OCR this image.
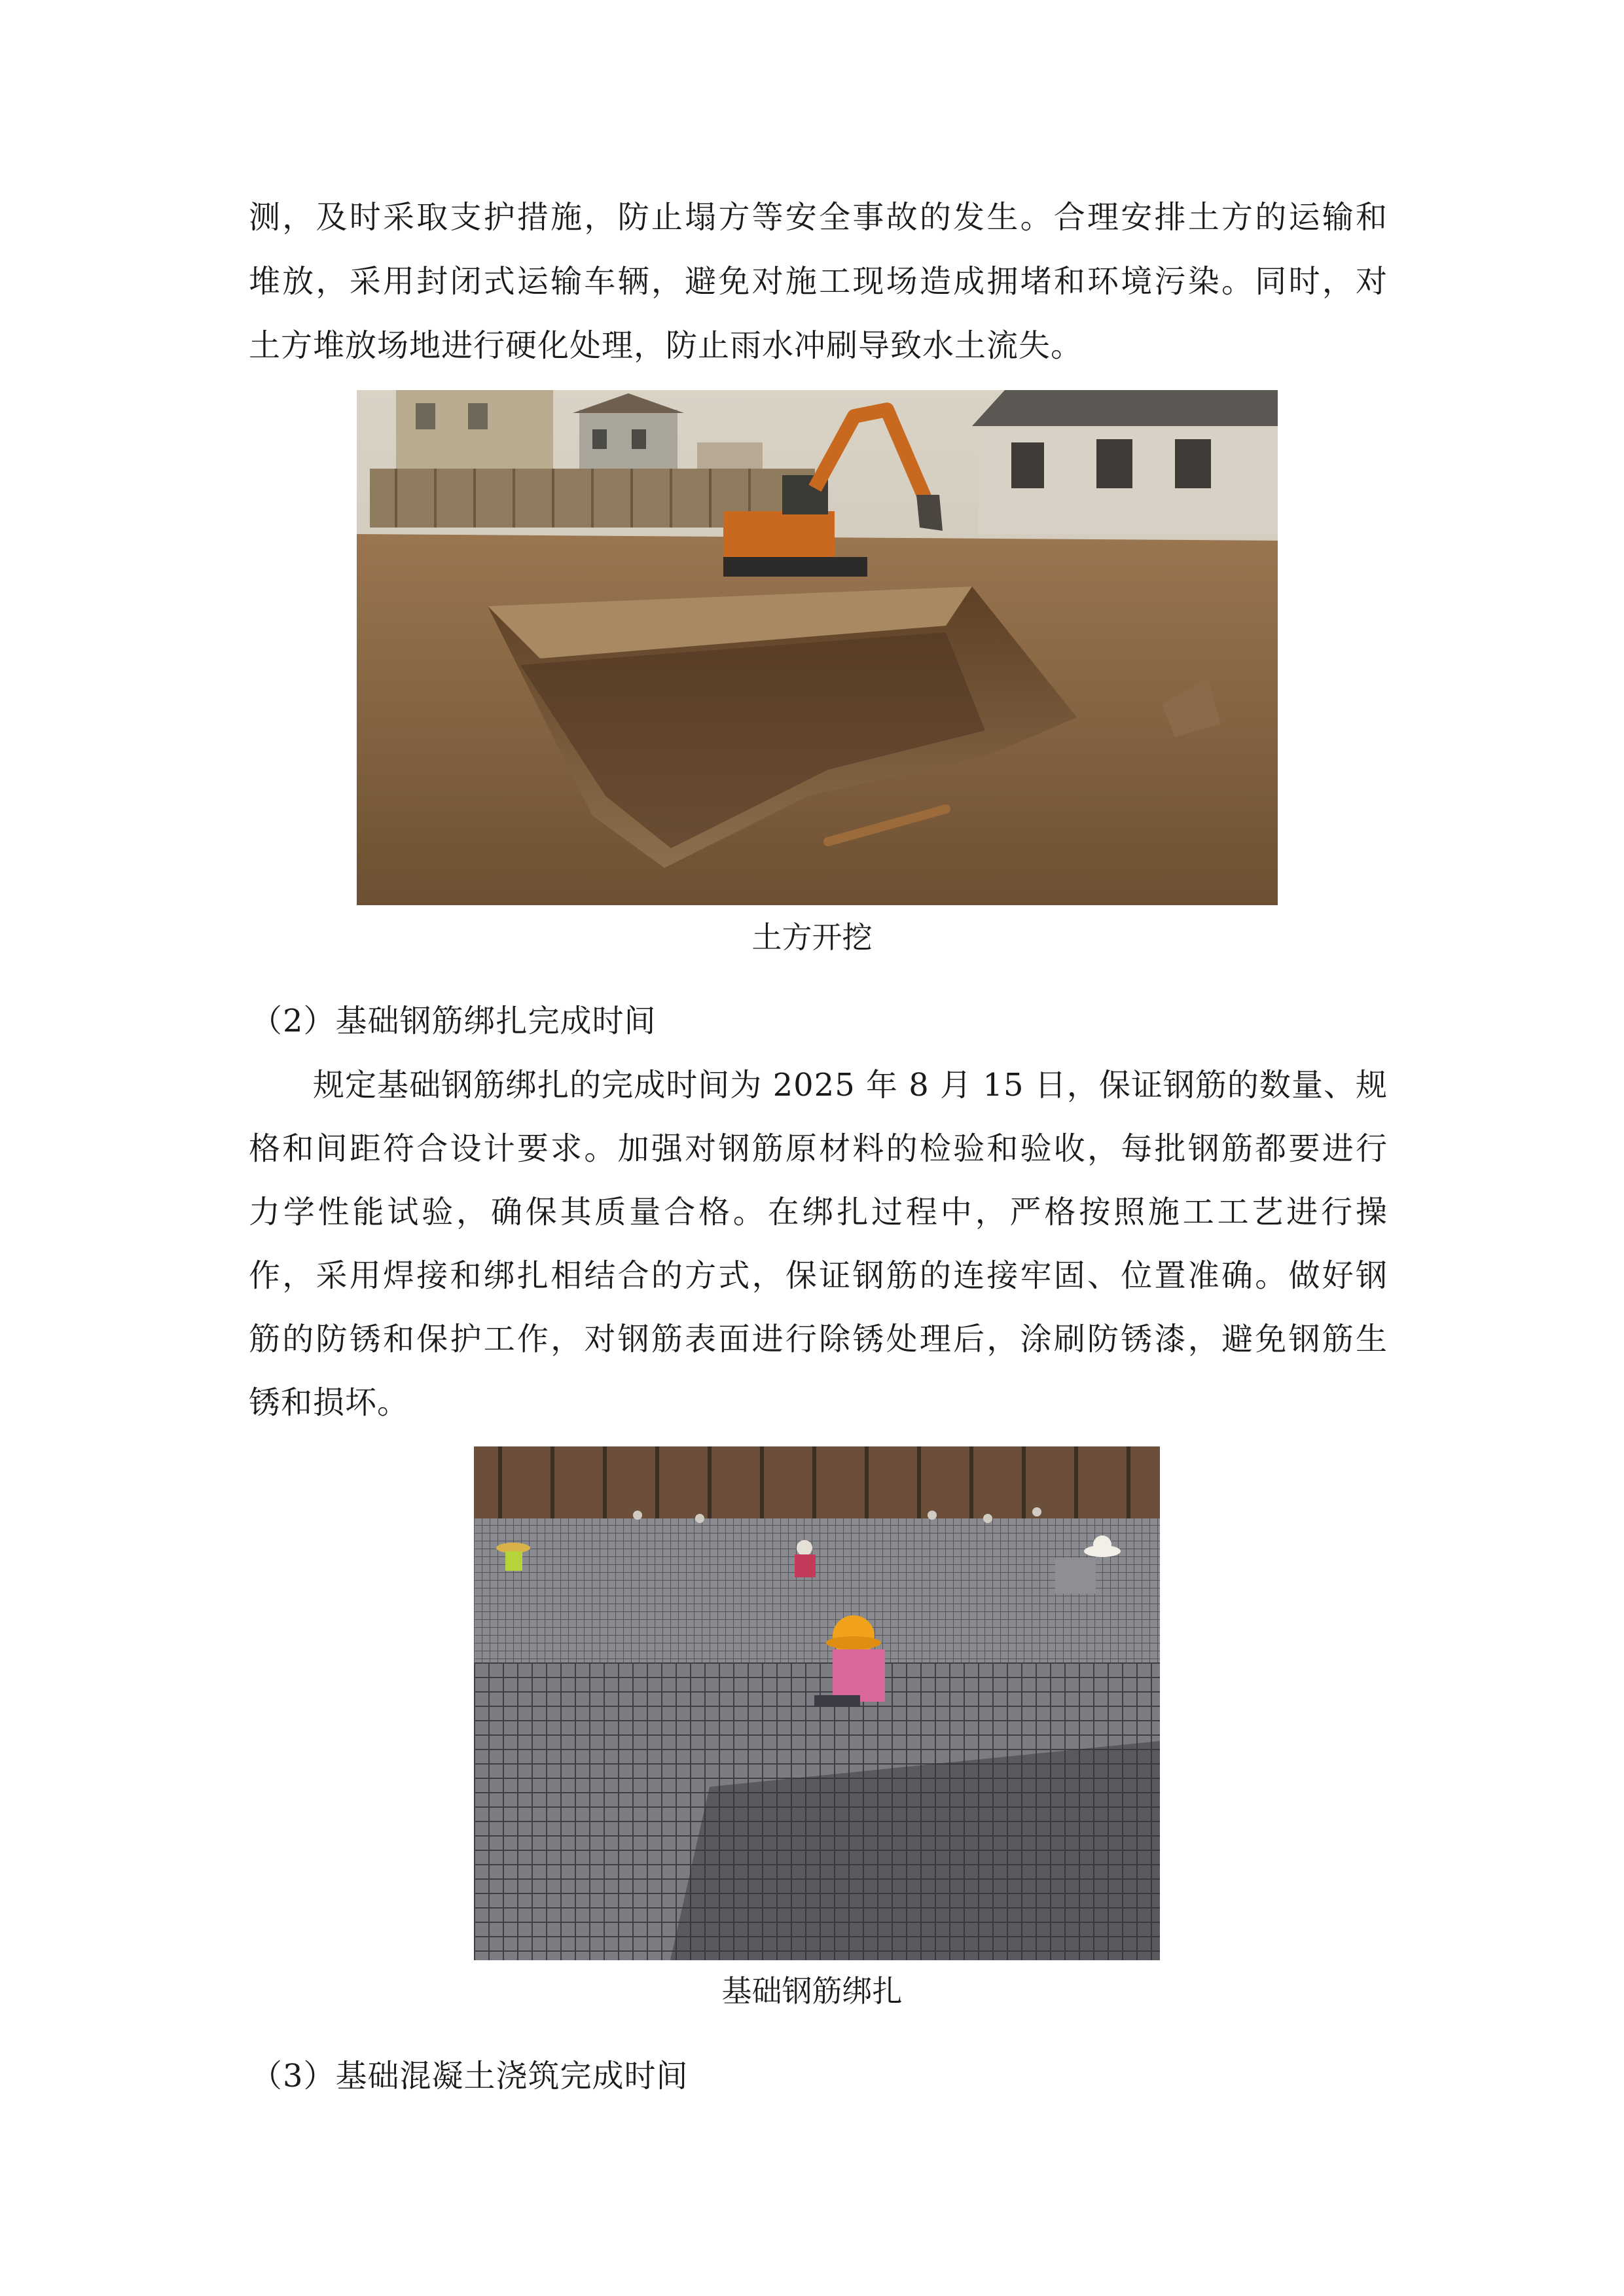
测，及时采取支护措施，防止塌方等安全事故的发生。合理安排土方的运输和
堆放，采用封闭式运输车辆，避免对施工现场造成拥堵和环境污染。同时，对
土方堆放场地进行硬化处理，防止雨水冲刷导致水土流失。
土方开挖
（2）基础钢筋绑扎完成时间
规定基础钢筋绑扎的完成时间为 2025 年 8 月 15 日，保证钢筋的数量、规
格和间距符合设计要求。加强对钢筋原材料的检验和验收，每批钢筋都要进行
力学性能试验，确保其质量合格。在绑扎过程中，严格按照施工工艺进行操
作，采用焊接和绑扎相结合的方式，保证钢筋的连接牢固、位置准确。做好钢
筋的防锈和保护工作，对钢筋表面进行除锈处理后，涂刷防锈漆，避免钢筋生
锈和损坏。
基础钢筋绑扎
（3）基础混凝土浇筑完成时间
